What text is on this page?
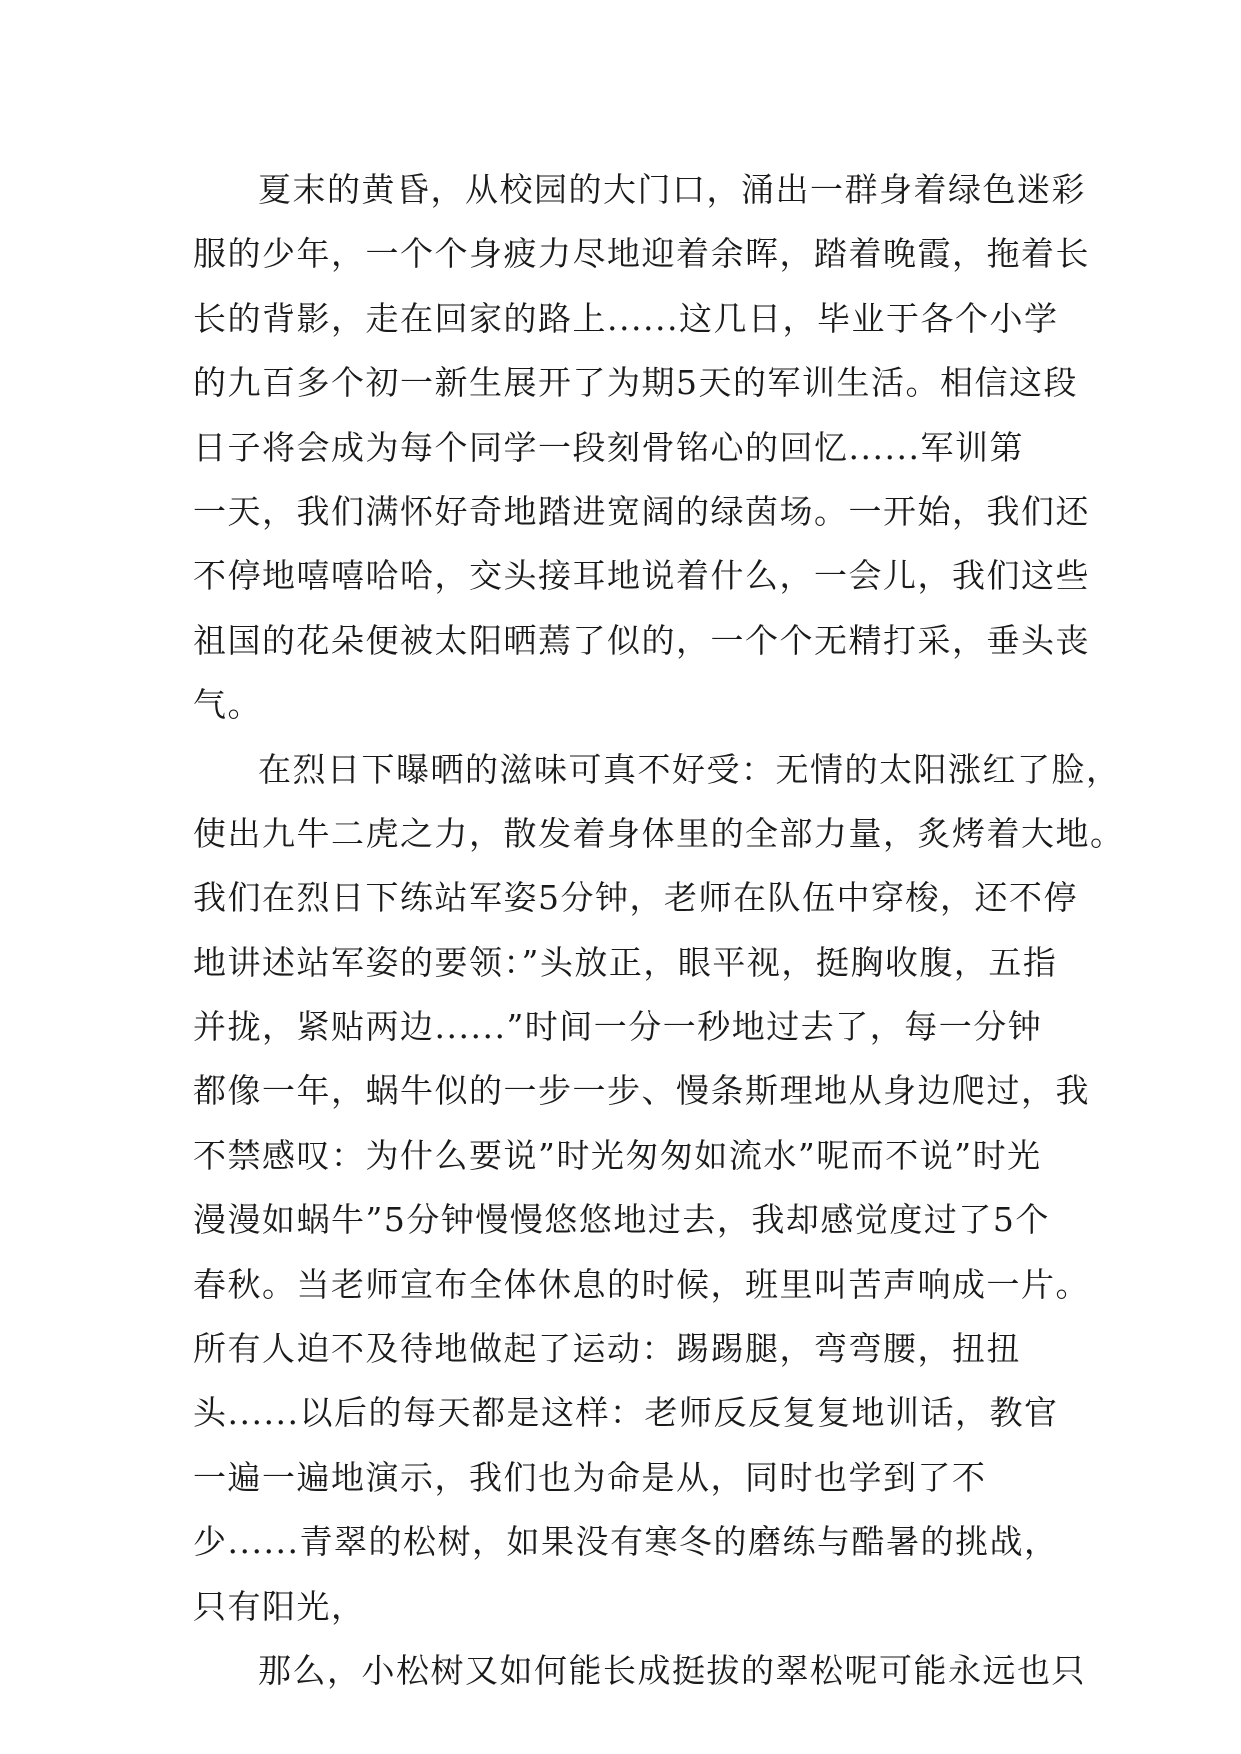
夏末的黄昏，从校园的大门口，涌出一群身着绿色迷彩
服的少年，一个个身疲力尽地迎着余晖，踏着晚霞，拖着长
长的背影，走在回家的路上......这几日，毕业于各个小学
的九百多个初一新生展开了为期5天的军训生活。相信这段
日子将会成为每个同学一段刻骨铭心的回忆......军训第
一天，我们满怀好奇地踏进宽阔的绿茵场。一开始，我们还
不停地嘻嘻哈哈，交头接耳地说着什么，一会儿，我们这些
祖国的花朵便被太阳晒蔫了似的，一个个无精打采，垂头丧
气。
在烈日下曝晒的滋味可真不好受：无情的太阳涨红了脸，
使出九牛二虎之力，散发着身体里的全部力量，炙烤着大地。
我们在烈日下练站军姿5分钟，老师在队伍中穿梭，还不停
地讲述站军姿的要领：”头放正，眼平视，挺胸收腹，五指
并拢，紧贴两边......”时间一分一秒地过去了，每一分钟
都像一年，蜗牛似的一步一步、慢条斯理地从身边爬过，我
不禁感叹：为什么要说”时光匆匆如流水”呢而不说”时光
漫漫如蜗牛”5分钟慢慢悠悠地过去，我却感觉度过了5个
春秋。当老师宣布全体休息的时候，班里叫苦声响成一片。
所有人迫不及待地做起了运动：踢踢腿，弯弯腰，扭扭
头......以后的每天都是这样：老师反反复复地训话，教官
一遍一遍地演示，我们也为命是从，同时也学到了不
少......青翠的松树，如果没有寒冬的磨练与酷暑的挑战，
只有阳光，
那么，小松树又如何能长成挺拔的翠松呢可能永远也只
